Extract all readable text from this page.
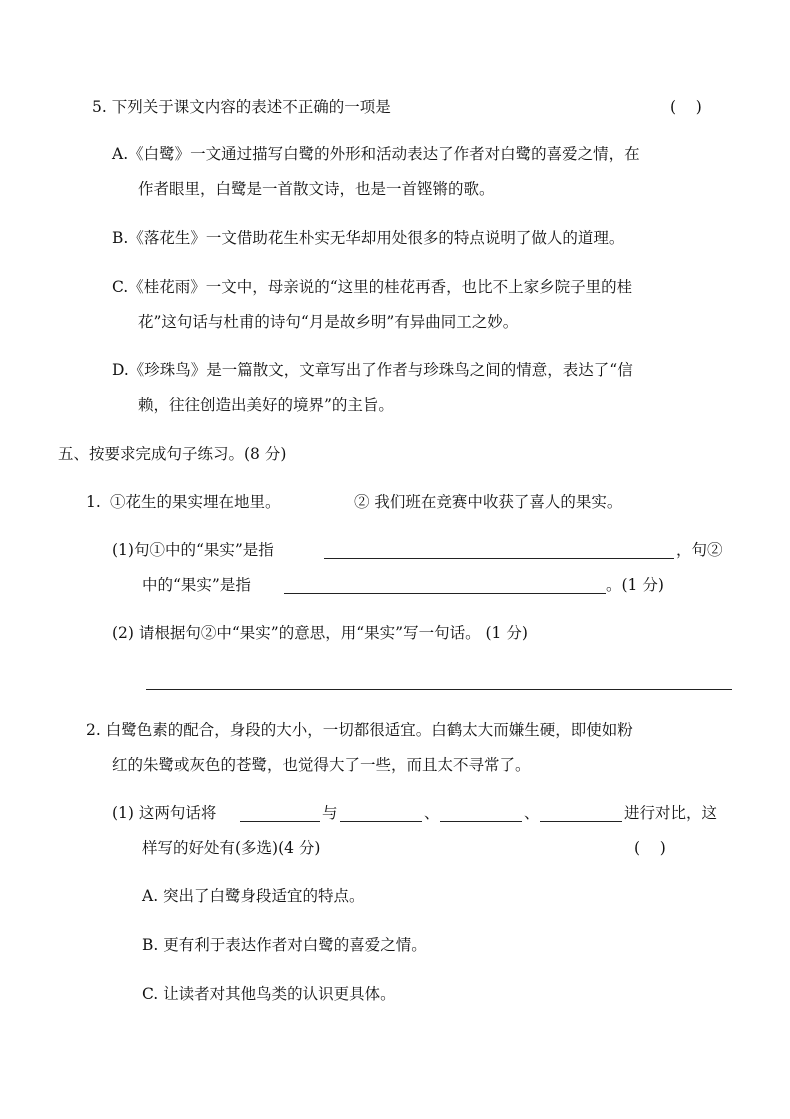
5. 下列关于课文内容的表述不正确的一项是	(    )
A.《白鹭》一文通过描写白鹭的外形和活动表达了作者对白鹭的喜爱之情，在
作者眼里，白鹭是一首散文诗，也是一首铿锵的歌。
B.《落花生》一文借助花生朴实无华却用处很多的特点说明了做人的道理。
C.《桂花雨》一文中，母亲说的“这里的桂花再香，也比不上家乡院子里的桂
花”这句话与杜甫的诗句“月是故乡明”有异曲同工之妙。
D.《珍珠鸟》是一篇散文，文章写出了作者与珍珠鸟之间的情意，表达了“信
赖，往往创造出美好的境界”的主旨。
五、按要求完成句子练习。(8 分)
1. ①花生的果实埋在地里。	② 我们班在竞赛中收获了喜人的果实。
(1)句①中的“果实”是指	，句②
中的“果实”是指	。(1 分)
(2) 请根据句②中“果实”的意思，用“果实”写一句话。 (1 分)
2. 白鹭色素的配合，身段的大小，一切都很适宜。白鹤太大而嫌生硬，即使如粉
红的朱鹭或灰色的苍鹭，也觉得大了一些，而且太不寻常了。
(1) 这两句话将	与	、	、	进行对比，这
样写的好处有(多选)(4 分)	(    )
A. 突出了白鹭身段适宜的特点。
B. 更有利于表达作者对白鹭的喜爱之情。
C. 让读者对其他鸟类的认识更具体。
